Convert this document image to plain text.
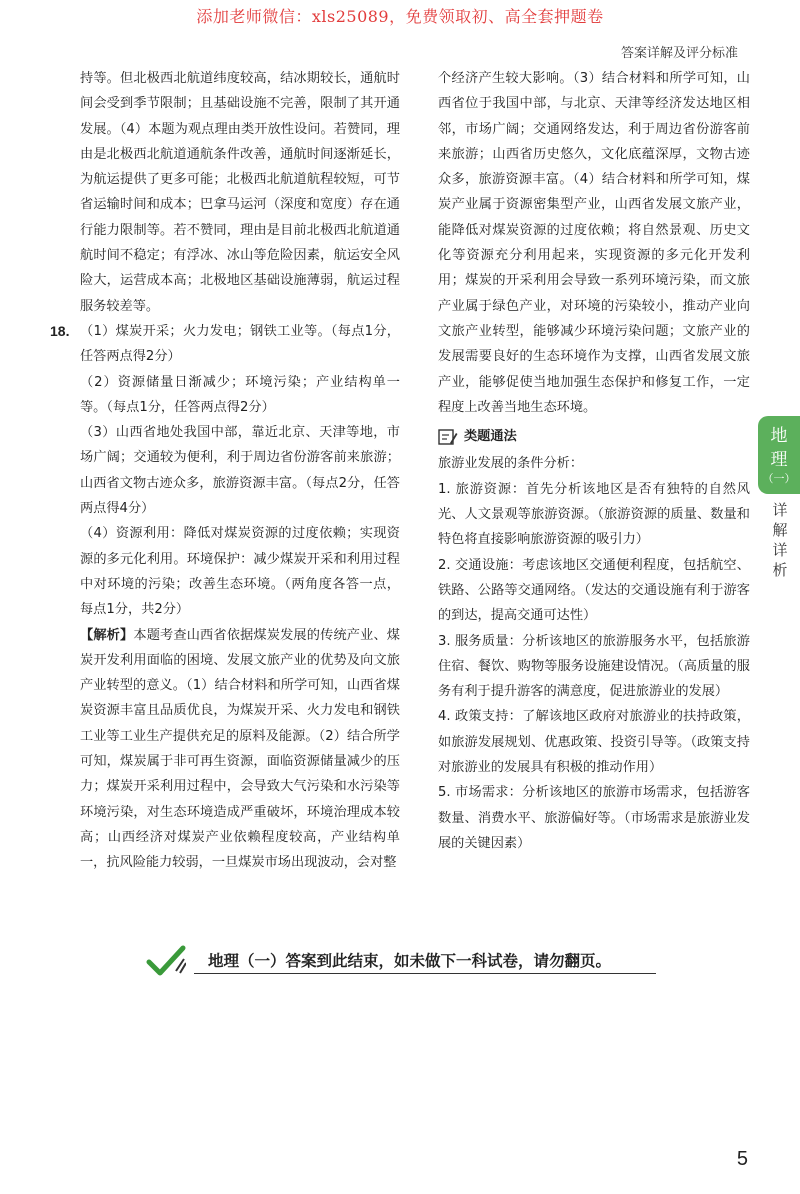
添加老师微信：xls25089，免费领取初、高全套押题卷
答案详解及评分标准

持等。但北极西北航道纬度较高，结冰期较长，通航时间会受到季节限制；且基础设施不完善，限制了其开通发展。（4）本题为观点理由类开放性设问。若赞同，理由是北极西北航道通航条件改善，通航时间逐渐延长，为航运提供了更多可能；北极西北航道航程较短，可节省运输时间和成本；巴拿马运河（深度和宽度）存在通行能力限制等。若不赞同，理由是目前北极西北航道通航时间不稳定；有浮冰、冰山等危险因素，航运安全风险大，运营成本高；北极地区基础设施薄弱，航运过程服务较差等。

18. （1）煤炭开采；火力发电；钢铁工业等。（每点1分，任答两点得2分）

（2）资源储量日渐减少；环境污染；产业结构单一等。（每点1分，任答两点得2分）

（3）山西省地处我国中部，靠近北京、天津等地，市场广阔；交通较为便利，利于周边省份游客前来旅游；山西省文物古迹众多，旅游资源丰富。（每点2分，任答两点得4分）

（4）资源利用：降低对煤炭资源的过度依赖；实现资源的多元化利用。环境保护：减少煤炭开采和利用过程中对环境的污染；改善生态环境。（两角度各答一点，每点1分，共2分）

【解析】本题考查山西省依据煤炭发展的传统产业、煤炭开发利用面临的困境、发展文旅产业的优势及向文旅产业转型的意义。（1）结合材料和所学可知，山西省煤炭资源丰富且品质优良，为煤炭开采、火力发电和钢铁工业等工业生产提供充足的原料及能源。（2）结合所学可知，煤炭属于非可再生资源，面临资源储量减少的压力；煤炭开采利用过程中，会导致大气污染和水污染等环境污染，对生态环境造成严重破坏，环境治理成本较高；山西经济对煤炭产业依赖程度较高，产业结构单一，抗风险能力较弱，一旦煤炭市场出现波动，会对整

个经济产生较大影响。（3）结合材料和所学可知，山西省位于我国中部，与北京、天津等经济发达地区相邻，市场广阔；交通网络发达，利于周边省份游客前来旅游；山西省历史悠久，文化底蕴深厚，文物古迹众多，旅游资源丰富。（4）结合材料和所学可知，煤炭产业属于资源密集型产业，山西省发展文旅产业，能降低对煤炭资源的过度依赖；将自然景观、历史文化等资源充分利用起来，实现资源的多元化开发利用；煤炭的开采利用会导致一系列环境污染，而文旅产业属于绿色产业，对环境的污染较小，推动产业向文旅产业转型，能够减少环境污染问题；文旅产业的发展需要良好的生态环境作为支撑，山西省发展文旅产业，能够促使当地加强生态保护和修复工作，一定程度上改善当地生态环境。

类题通法

旅游业发展的条件分析：

1. 旅游资源：首先分析该地区是否有独特的自然风光、人文景观等旅游资源。（旅游资源的质量、数量和特色将直接影响旅游资源的吸引力）

2. 交通设施：考虑该地区交通便利程度，包括航空、铁路、公路等交通网络。（发达的交通设施有利于游客的到达，提高交通可达性）

3. 服务质量：分析该地区的旅游服务水平，包括旅游住宿、餐饮、购物等服务设施建设情况。（高质量的服务有利于提升游客的满意度，促进旅游业的发展）

4. 政策支持：了解该地区政府对旅游业的扶持政策，如旅游发展规划、优惠政策、投资引导等。（政策支持对旅游业的发展具有积极的推动作用）

5. 市场需求：分析该地区的旅游市场需求，包括游客数量、消费水平、旅游偏好等。（市场需求是旅游业发展的关键因素）

地
理
（一）
详解详析
地理（一）答案到此结束，如未做下一科试卷，请勿翻页。
5
